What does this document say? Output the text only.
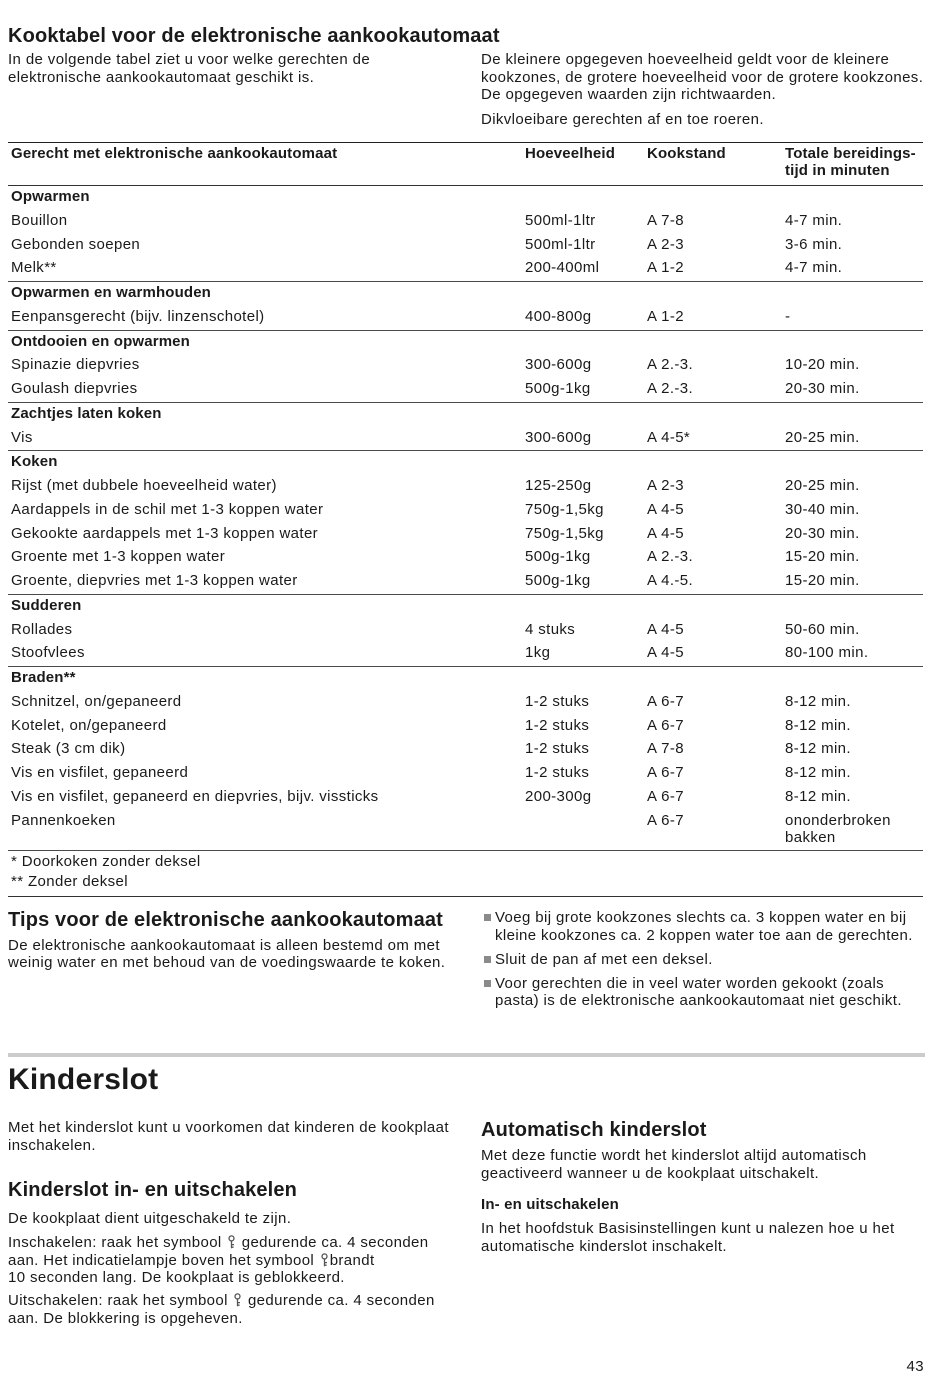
Kooktabel voor de elektronische aankookautomaat

In de volgende tabel ziet u voor welke gerechten de
elektronische aankookautomaat geschikt is.

De kleinere opgegeven hoeveelheid geldt voor de kleinere
kookzones, de grotere hoeveelheid voor de grotere kookzones.
De opgegeven waarden zijn richtwaarden.

Dikvloeibare gerechten af en toe roeren.

Gerecht met elektronische aankookautomaat	Hoeveelheid	Kookstand	Totale bereidings-
tijd in minuten
Opwarmen			
Bouillon	500ml-1ltr	A 7-8	4-7 min.
Gebonden soepen	500ml-1ltr	A 2-3	3-6 min.
Melk**	200-400ml	A 1-2	4-7 min.
Opwarmen en warmhouden			
Eenpansgerecht (bijv. linzenschotel)	400-800g	A 1-2	-
Ontdooien en opwarmen			
Spinazie diepvries	300-600g	A 2.-3.	10-20 min.
Goulash diepvries	500g-1kg	A 2.-3.	20-30 min.
Zachtjes laten koken			
Vis	300-600g	A 4-5*	20-25 min.
Koken			
Rijst (met dubbele hoeveelheid water)	125-250g	A 2-3	20-25 min.
Aardappels in de schil met 1-3 koppen water	750g-1,5kg	A 4-5	30-40 min.
Gekookte aardappels met 1-3 koppen water	750g-1,5kg	A 4-5	20-30 min.
Groente met 1-3 koppen water	500g-1kg	A 2.-3.	15-20 min.
Groente, diepvries met 1-3 koppen water	500g-1kg	A 4.-5.	15-20 min.
Sudderen			
Rollades	4 stuks	A 4-5	50-60 min.
Stoofvlees	1kg	A 4-5	80-100 min.
Braden**			
Schnitzel, on/gepaneerd	1-2 stuks	A 6-7	8-12 min.
Kotelet, on/gepaneerd	1-2 stuks	A 6-7	8-12 min.
Steak (3 cm dik)	1-2 stuks	A 7-8	8-12 min.
Vis en visfilet, gepaneerd	1-2 stuks	A 6-7	8-12 min.
Vis en visfilet, gepaneerd en diepvries, bijv. vissticks	200-300g	A 6-7	8-12 min.
Pannenkoeken		A 6-7	ononderbroken bakken
* Doorkoken zonder deksel
** Zonder deksel
Tips voor de elektronische aankookautomaat

De elektronische aankookautomaat is alleen bestemd om met
weinig water en met behoud van de voedingswaarde te koken.

Voeg bij grote kookzones slechts ca. 3 koppen water en bij
kleine kookzones ca. 2 koppen water toe aan de gerechten.
Sluit de pan af met een deksel.
Voor gerechten die in veel water worden gekookt (zoals
pasta) is de elektronische aankookautomaat niet geschikt.
Kinderslot

Met het kinderslot kunt u voorkomen dat kinderen de kookplaat
inschakelen.

Kinderslot in- en uitschakelen

De kookplaat dient uitgeschakeld te zijn.

Inschakelen: raak het symbool
gedurende ca. 4 seconden
aan. Het indicatielampje boven het symbool
brandt
10 seconden lang. De kookplaat is geblokkeerd.

Uitschakelen: raak het symbool
gedurende ca. 4 seconden
aan. De blokkering is opgeheven.

Automatisch kinderslot

Met deze functie wordt het kinderslot altijd automatisch
geactiveerd wanneer u de kookplaat uitschakelt.

In- en uitschakelen

In het hoofdstuk Basisinstellingen kunt u nalezen hoe u het
automatische kinderslot inschakelt.

43
